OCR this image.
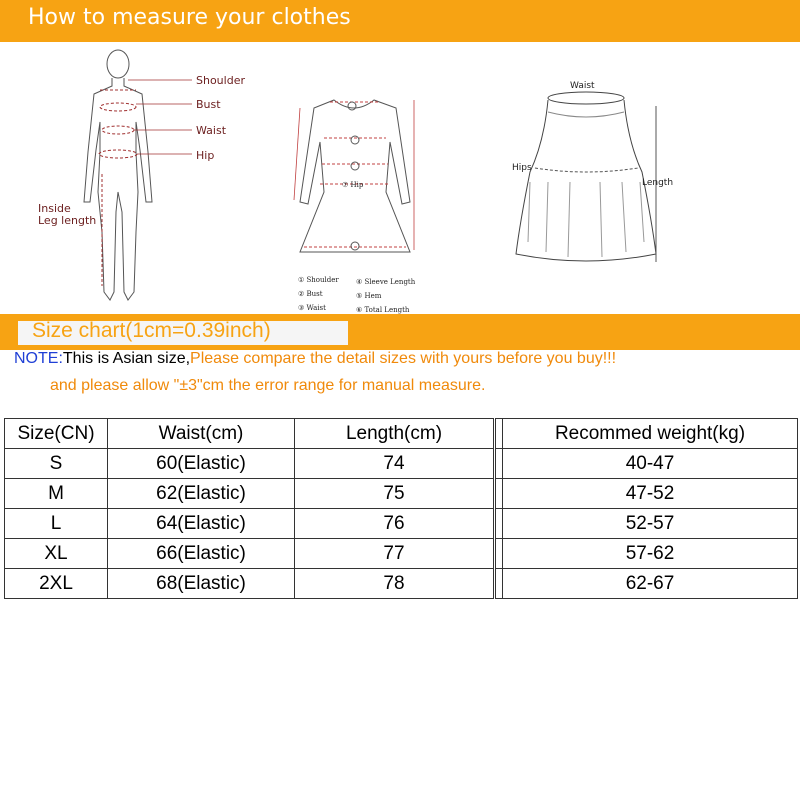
How to measure your clothes
Shoulder
Bust
Waist
Hip
Inside
Leg length
⑦ Hip
① Shoulder ④ Sleeve Length
② Bust	⑤ Hem
③ Waist	⑥ Total Length
Waist
Hips
Length
Size chart(1cm=0.39inch)
NOTE:This is Asian size,Please compare the detail sizes with yours before you buy!!!
and please allow "±3"cm the error range for manual measure.
Size(CN)	Waist(cm)	Length(cm)		Recommed weight(kg)
S	60(Elastic)	74		40-47
M	62(Elastic)	75		47-52
L	64(Elastic)	76		52-57
XL	66(Elastic)	77		57-62
2XL	68(Elastic)	78		62-67
